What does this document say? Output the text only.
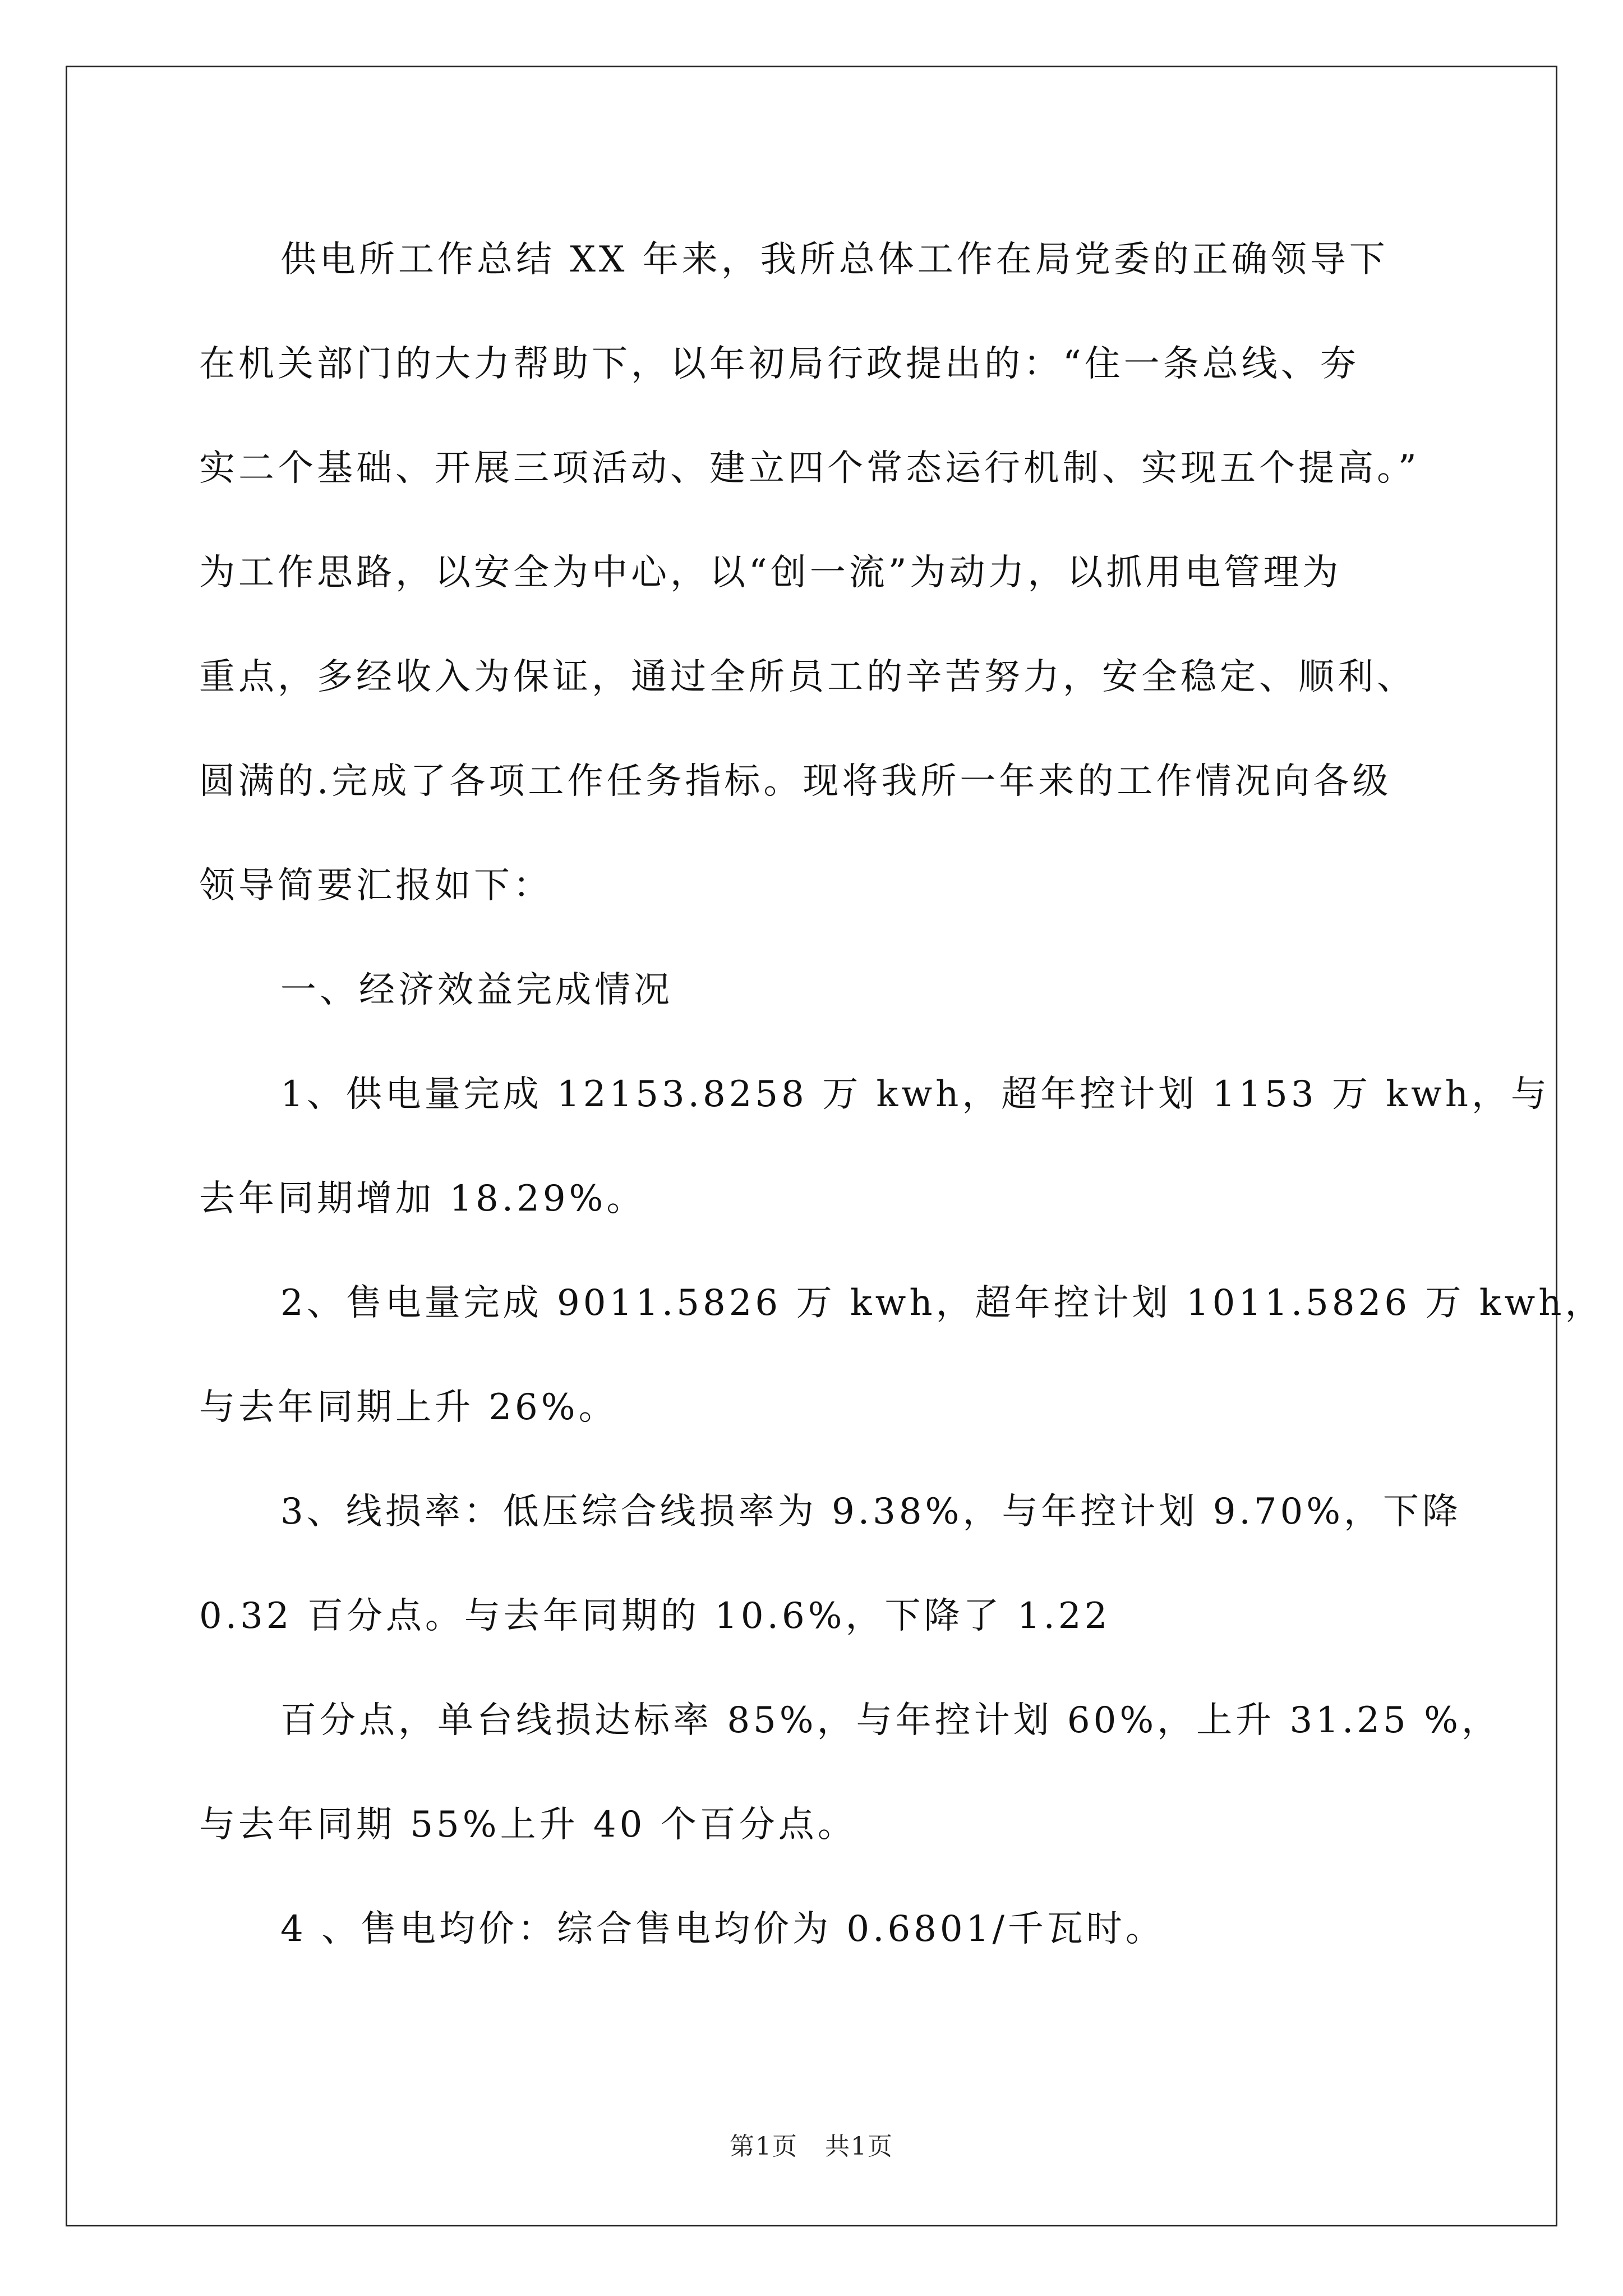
供电所工作总结 XX 年来，我所总体工作在局党委的正确领导下
在机关部门的大力帮助下，以年初局行政提出的：“住一条总线、夯
实二个基础、开展三项活动、建立四个常态运行机制、实现五个提高。”
为工作思路，以安全为中心，以“创一流”为动力，以抓用电管理为
重点，多经收入为保证，通过全所员工的辛苦努力，安全稳定、顺利、
圆满的.完成了各项工作任务指标。现将我所一年来的工作情况向各级
领导简要汇报如下：
一、经济效益完成情况
1、供电量完成 12153.8258 万 kwh，超年控计划 1153 万 kwh，与
去年同期增加 18.29%。
2、售电量完成 9011.5826 万 kwh，超年控计划 1011.5826 万 kwh，
与去年同期上升 26%。
3、线损率：低压综合线损率为 9.38%，与年控计划 9.70%，下降
0.32 百分点。与去年同期的 10.6%，下降了 1.22
百分点，单台线损达标率 85%，与年控计划 60%，上升 31.25 %，
与去年同期 55%上升 40 个百分点。
4 、售电均价：综合售电均价为 0.6801/千瓦时。
第1页 共1页
